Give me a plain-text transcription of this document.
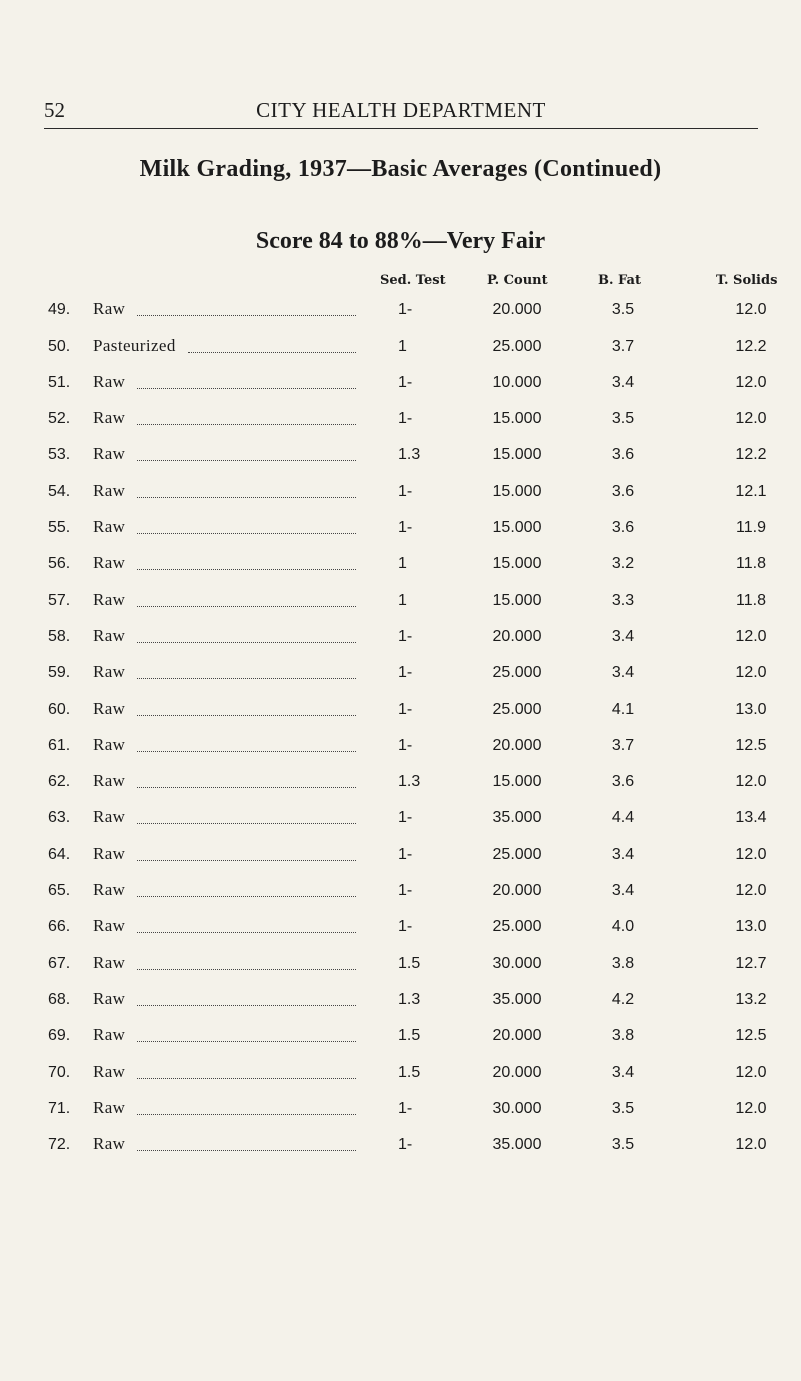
52	CITY HEALTH DEPARTMENT
Milk Grading, 1937—Basic Averages (Continued)
Score 84 to 88%—Very Fair
Sed. Test	P. Count	B. Fat	T. Solids
49. Raw	1-	20.000	3.5	12.0
50. Pasteurized	1	25.000	3.7	12.2
51. Raw	1-	10.000	3.4	12.0
52. Raw	1-	15.000	3.5	12.0
53. Raw	1.3	15.000	3.6	12.2
54. Raw	1-	15.000	3.6	12.1
55. Raw	1-	15.000	3.6	11.9
56. Raw	1	15.000	3.2	11.8
57. Raw	1	15.000	3.3	11.8
58. Raw	1-	20.000	3.4	12.0
59. Raw	1-	25.000	3.4	12.0
60. Raw	1-	25.000	4.1	13.0
61. Raw	1-	20.000	3.7	12.5
62. Raw	1.3	15.000	3.6	12.0
63. Raw	1-	35.000	4.4	13.4
64. Raw	1-	25.000	3.4	12.0
65. Raw	1-	20.000	3.4	12.0
66. Raw	1-	25.000	4.0	13.0
67. Raw	1.5	30.000	3.8	12.7
68. Raw	1.3	35.000	4.2	13.2
69. Raw	1.5	20.000	3.8	12.5
70. Raw	1.5	20.000	3.4	12.0
71. Raw	1-	30.000	3.5	12.0
72. Raw	1-	35.000	3.5	12.0
